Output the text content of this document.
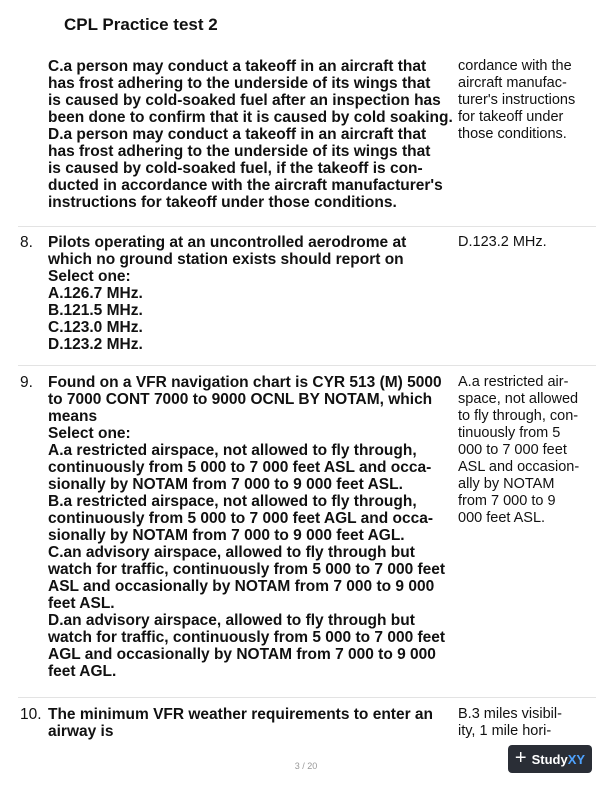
CPL Practice test 2
C.a person may conduct a takeoff in an aircraft that
has frost adhering to the underside of its wings that
is caused by cold-soaked fuel after an inspection has
been done to confirm that it is caused by cold soaking.
D.a person may conduct a takeoff in an aircraft that
has frost adhering to the underside of its wings that
is caused by cold-soaked fuel, if the takeoff is con-
ducted in accordance with the aircraft manufacturer's
instructions for takeoff under those conditions.
cordance with the
aircraft manufac-
turer's instructions
for takeoff under
those conditions.
8. Pilots operating at an uncontrolled aerodrome at
which no ground station exists should report on
Select one:
A.126.7 MHz.
B.121.5 MHz.
C.123.0 MHz.
D.123.2 MHz.
D.123.2 MHz.
9. Found on a VFR navigation chart is CYR 513 (M) 5000
to 7000 CONT 7000 to 9000 OCNL BY NOTAM, which
means
Select one:
A.a restricted airspace, not allowed to fly through,
continuously from 5 000 to 7 000 feet ASL and occa-
sionally by NOTAM from 7 000 to 9 000 feet ASL.
B.a restricted airspace, not allowed to fly through,
continuously from 5 000 to 7 000 feet AGL and occa-
sionally by NOTAM from 7 000 to 9 000 feet AGL.
C.an advisory airspace, allowed to fly through but
watch for traffic, continuously from 5 000 to 7 000 feet
ASL and occasionally by NOTAM from 7 000 to 9 000
feet ASL.
D.an advisory airspace, allowed to fly through but
watch for traffic, continuously from 5 000 to 7 000 feet
AGL and occasionally by NOTAM from 7 000 to 9 000
feet AGL.
A.a restricted air-
space, not allowed
to fly through, con-
tinuously from 5
000 to 7 000 feet
ASL and occasion-
ally by NOTAM
from 7 000 to 9
000 feet ASL.
10. The minimum VFR weather requirements to enter an
airway is
B.3 miles visibil-
ity, 1 mile hori-
3 / 20	+ StudyXY
